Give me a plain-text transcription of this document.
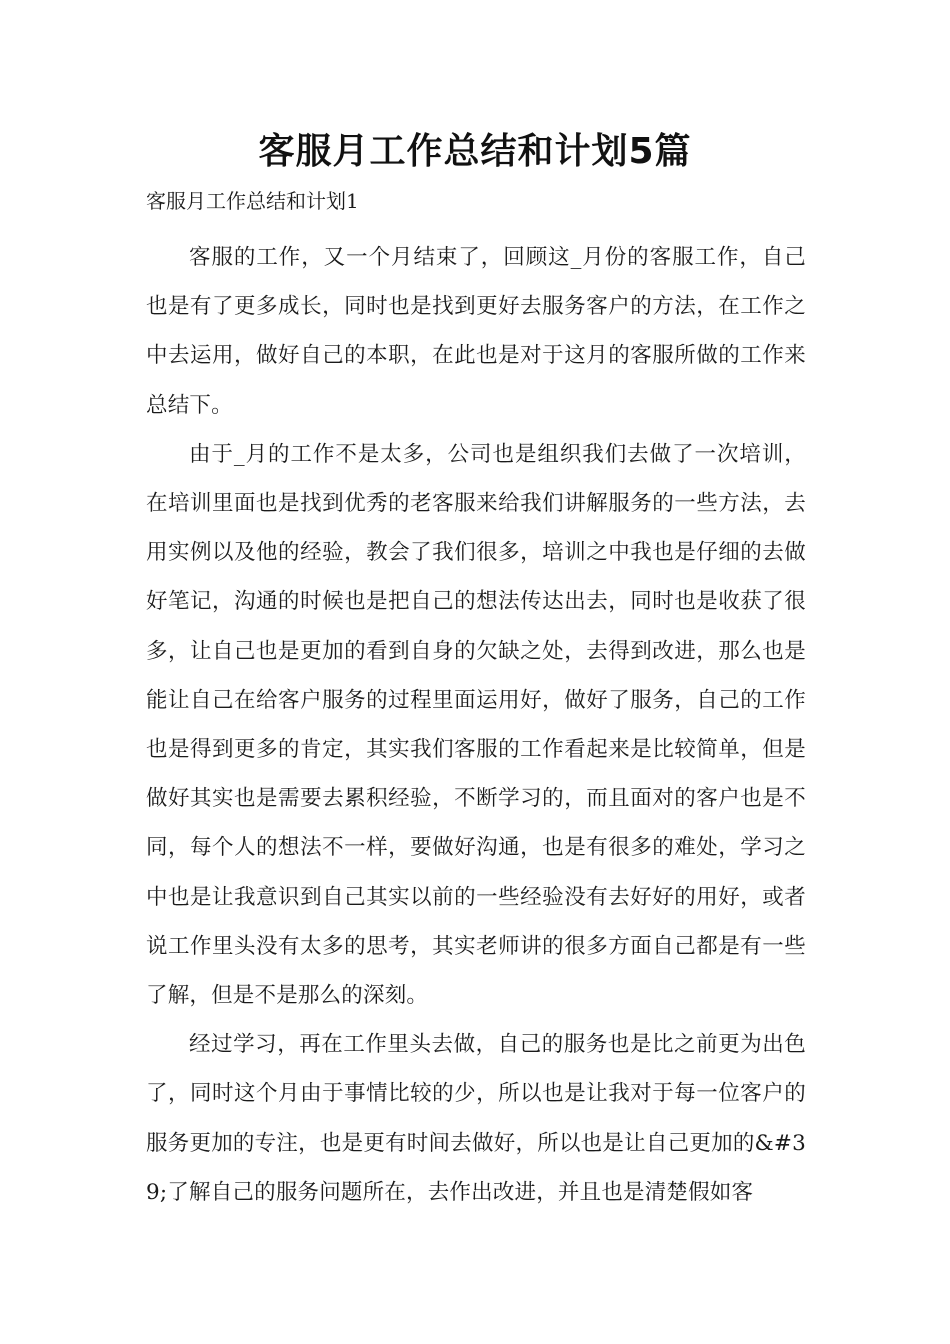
客服月工作总结和计划5篇

客服月工作总结和计划1

客服的工作，又一个月结束了，回顾这_月份的客服工作，自己也是有了更多成长，同时也是找到更好去服务客户的方法，在工作之中去运用，做好自己的本职，在此也是对于这月的客服所做的工作来总结下。

由于_月的工作不是太多，公司也是组织我们去做了一次培训，在培训里面也是找到优秀的老客服来给我们讲解服务的一些方法，去用实例以及他的经验，教会了我们很多，培训之中我也是仔细的去做好笔记，沟通的时候也是把自己的想法传达出去，同时也是收获了很多，让自己也是更加的看到自身的欠缺之处，去得到改进，那么也是能让自己在给客户服务的过程里面运用好，做好了服务，自己的工作也是得到更多的肯定，其实我们客服的工作看起来是比较简单，但是做好其实也是需要去累积经验，不断学习的，而且面对的客户也是不同，每个人的想法不一样，要做好沟通，也是有很多的难处，学习之中也是让我意识到自己其实以前的一些经验没有去好好的用好，或者说工作里头没有太多的思考，其实老师讲的很多方面自己都是有一些了解，但是不是那么的深刻。

经过学习，再在工作里头去做，自己的服务也是比之前更为出色了，同时这个月由于事情比较的少，所以也是让我对于每一位客户的服务更加的专注，也是更有时间去做好，所以也是让自己更加的&#39;了解自己的服务问题所在，去作出改进，并且也是清楚假如客
